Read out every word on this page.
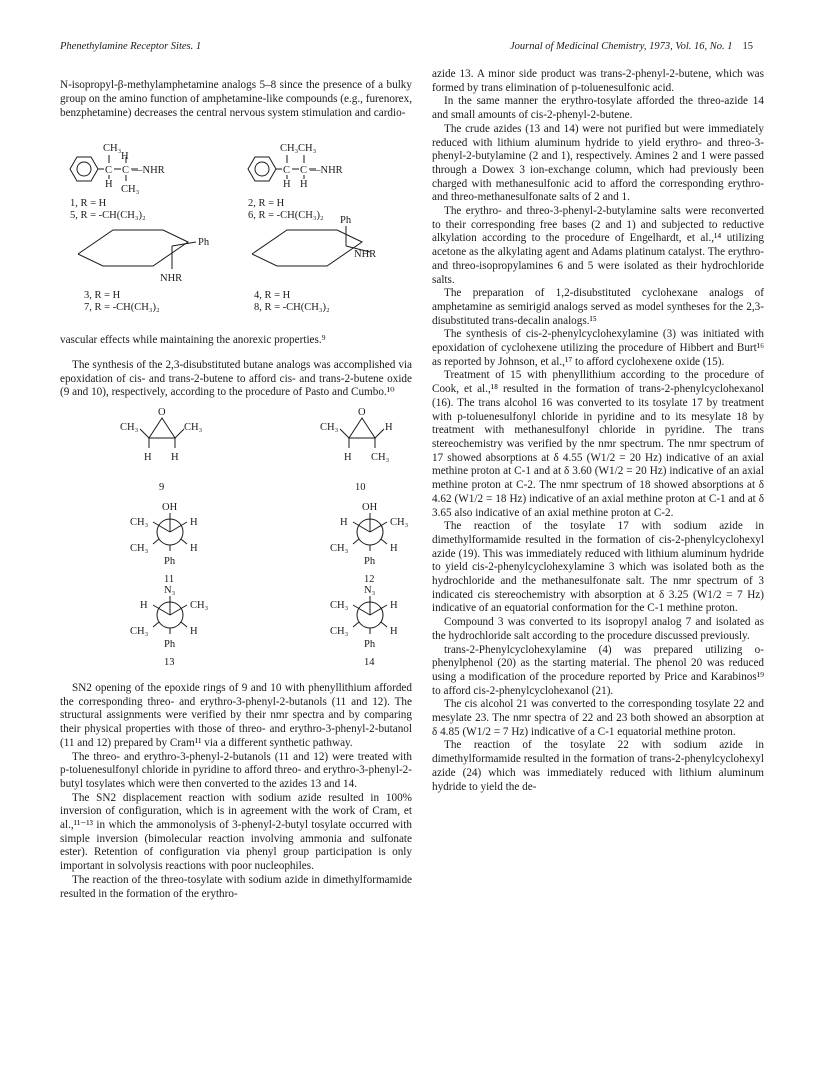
Phenethylamine Receptor Sites. 1	Journal of Medicinal Chemistry, 1973, Vol. 16, No. 1 15

N-isopropyl-β-methylamphetamine analogs 5–8 since the presence of a bulky group on the amino function of amphetamine-like compounds (e.g., furenorex, benzphetamine) decreases the central nervous system stimulation and cardio-

CH₃
H
C C —NHR
H CH₃
1, R = H
5, R = -CH(CH₃)₂
CH₃ CH₃
C C —NHR
H H
2, R = H
6, R = -CH(CH₃)₂
Ph
NHR
3, R = H
7, R = -CH(CH₃)₂
Ph
NHR
4, R = H
8, R = -CH(CH₃)₂

vascular effects while maintaining the anorexic properties.⁹

The synthesis of the 2,3-disubstituted butane analogs was accomplished via epoxidation of cis- and trans-2-butene to afford cis- and trans-2-butene oxide (9 and 10), respectively, according to the procedure of Pasto and Cumbo.¹⁰

O
CH₃	CH₃
H H
9
O
CH₃	H
H CH₃
10
OH
CH₃	H
CH₃	H
Ph
11
OH
H	CH₃
CH₃	H
Ph
12
N₃
H	CH₃
CH₃	H
Ph
13
N₃
CH₃	H
CH₃	H
Ph
14

SN2 opening of the epoxide rings of 9 and 10 with phenyllithium afforded the corresponding threo- and erythro-3-phenyl-2-butanols (11 and 12). The structural assignments were verified by their nmr spectra and by comparing their physical properties with those of threo- and erythro-3-phenyl-2-butanol (11 and 12) prepared by Cram¹¹ via a different synthetic pathway.

The threo- and erythro-3-phenyl-2-butanols (11 and 12) were treated with p-toluenesulfonyl chloride in pyridine to afford threo- and erythro-3-phenyl-2-butyl tosylates which were then converted to the azides 13 and 14.

The SN2 displacement reaction with sodium azide resulted in 100% inversion of configuration, which is in agreement with the work of Cram, et al.,¹¹⁻¹³ in which the ammonolysis of 3-phenyl-2-butyl tosylate occurred with simple inversion (bimolecular reaction involving ammonia and sulfonate ester). Retention of configuration via phenyl group participation is only important in solvolysis reactions with poor nucleophiles.

The reaction of the threo-tosylate with sodium azide in dimethylformamide resulted in the formation of the erythro-

azide 13. A minor side product was trans-2-phenyl-2-butene, which was formed by trans elimination of p-toluenesulfonic acid.

In the same manner the erythro-tosylate afforded the threo-azide 14 and small amounts of cis-2-phenyl-2-butene.

The crude azides (13 and 14) were not purified but were immediately reduced with lithium aluminum hydride to yield erythro- and threo-3-phenyl-2-butylamine (2 and 1), respectively. Amines 2 and 1 were passed through a Dowex 3 ion-exchange column, which had previously been charged with methanesulfonic acid to afford the corresponding erythro- and threo-methanesulfonate salts of 2 and 1.

The erythro- and threo-3-phenyl-2-butylamine salts were reconverted to their corresponding free bases (2 and 1) and subjected to reductive alkylation according to the procedure of Engelhardt, et al.,¹⁴ utilizing acetone as the alkylating agent and Adams platinum catalyst. The erythro- and threo-isopropylamines 6 and 5 were isolated as their hydrochloride salts.

The preparation of 1,2-disubstituted cyclohexane analogs of amphetamine as semirigid analogs served as model syntheses for the 2,3-disubstituted trans-decalin analogs.¹⁵

The synthesis of cis-2-phenylcyclohexylamine (3) was initiated with epoxidation of cyclohexene utilizing the procedure of Hibbert and Burt¹⁶ as reported by Johnson, et al.,¹⁷ to afford cyclohexene oxide (15).

Treatment of 15 with phenyllithium according to the procedure of Cook, et al.,¹⁸ resulted in the formation of trans-2-phenylcyclohexanol (16). The trans alcohol 16 was converted to its tosylate 17 by treatment with p-toluenesulfonyl chloride in pyridine and to its mesylate 18 by treatment with methanesulfonyl chloride in pyridine. The trans stereochemistry was verified by the nmr spectrum. The nmr spectrum of 17 showed absorptions at δ 4.55 (W1/2 = 20 Hz) indicative of an axial methine proton at C-1 and at δ 3.60 (W1/2 = 20 Hz) indicative of an axial methine proton at C-2. The nmr spectrum of 18 showed absorptions at δ 4.62 (W1/2 = 18 Hz) indicative of an axial methine proton at C-1 and at δ 3.65 also indicative of an axial methine proton at C-2.

The reaction of the tosylate 17 with sodium azide in dimethylformamide resulted in the formation of cis-2-phenylcyclohexyl azide (19). This was immediately reduced with lithium aluminum hydride to yield cis-2-phenylcyclohexylamine 3 which was isolated both as the hydrochloride and the methanesulfonate salt. The nmr spectrum of 3 indicated cis stereochemistry with absorption at δ 3.25 (W1/2 = 7 Hz) indicative of an equatorial conformation for the C-1 methine proton.

Compound 3 was converted to its isopropyl analog 7 and isolated as the hydrochloride salt according to the procedure discussed previously.

trans-2-Phenylcyclohexylamine (4) was prepared utilizing o-phenylphenol (20) as the starting material. The phenol 20 was reduced using a modification of the procedure reported by Price and Karabinos¹⁹ to afford cis-2-phenylcyclohexanol (21).

The cis alcohol 21 was converted to the corresponding tosylate 22 and mesylate 23. The nmr spectra of 22 and 23 both showed an absorption at δ 4.85 (W1/2 = 7 Hz) indicative of a C-1 equatorial methine proton.

The reaction of the tosylate 22 with sodium azide in dimethylformamide resulted in the formation of trans-2-phenylcyclohexyl azide (24) which was immediately reduced with lithium aluminum hydride to yield the de-
